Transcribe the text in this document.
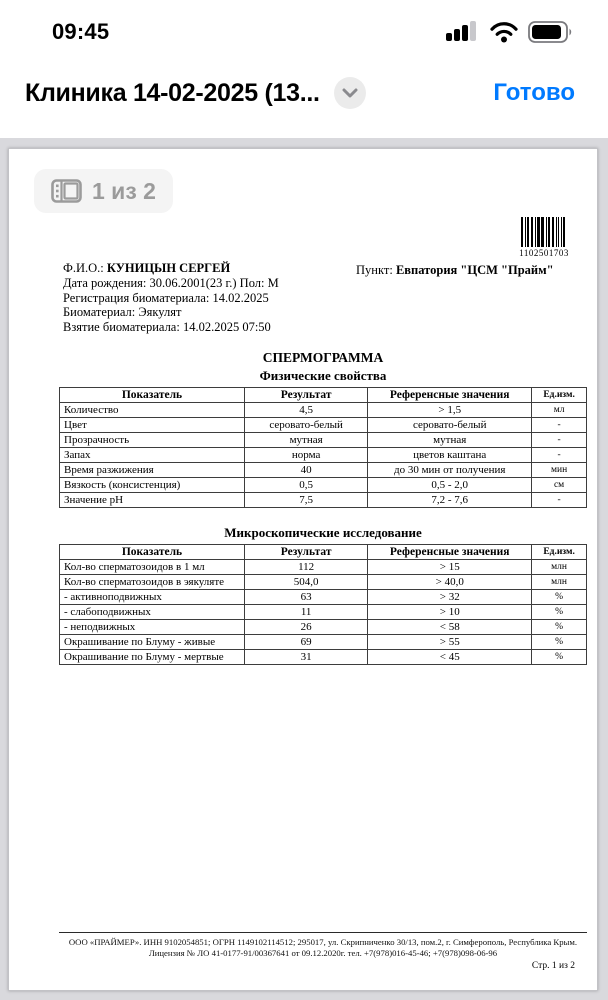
09:45
Клиника 14-02-2025 (13...	Готово
1 из 2
1102501703
Ф.И.О.: КУНИЦЫН СЕРГЕЙ
Дата рождения: 30.06.2001(23 г.) Пол: М
Регистрация биоматериала: 14.02.2025
Биоматериал: Эякулят
Взятие биоматериала: 14.02.2025 07:50
Пункт: Евпатория "ЦСМ "Прайм"
СПЕРМОГРАММА
Физические свойства
Показатель	Результат	Референсные значения	Ед.изм.
Количество	4,5	> 1,5	мл
Цвет	серовато-белый	серовато-белый	-
Прозрачность	мутная	мутная	-
Запах	норма	цветов каштана	-
Время разжижения	40	до 30 мин от получения	мин
Вязкость (консистенция)	0,5	0,5 - 2,0	см
Значение pH	7,5	7,2 - 7,6	-
Микроскопические исследование
Показатель	Результат	Референсные значения	Ед.изм.
Кол-во сперматозоидов в 1 мл	112	> 15	млн
Кол-во сперматозоидов в эякуляте	504,0	> 40,0	млн
- активноподвижных	63	> 32	%
- слабоподвижных	11	> 10	%
- неподвижных	26	< 58	%
Окрашивание по Блуму - живые	69	> 55	%
Окрашивание по Блуму - мертвые	31	< 45	%

ООО «ПРАЙМЕР». ИНН 9102054851; ОГРН 1149102114512; 295017, ул. Скрипниченко 30/13, пом.2, г. Симферополь, Республика Крым.

Лицензия № ЛО 41-0177-91/00367641 от 09.12.2020г. тел. +7(978)016-45-46; +7(978)098-06-96

Стр. 1 из 2
